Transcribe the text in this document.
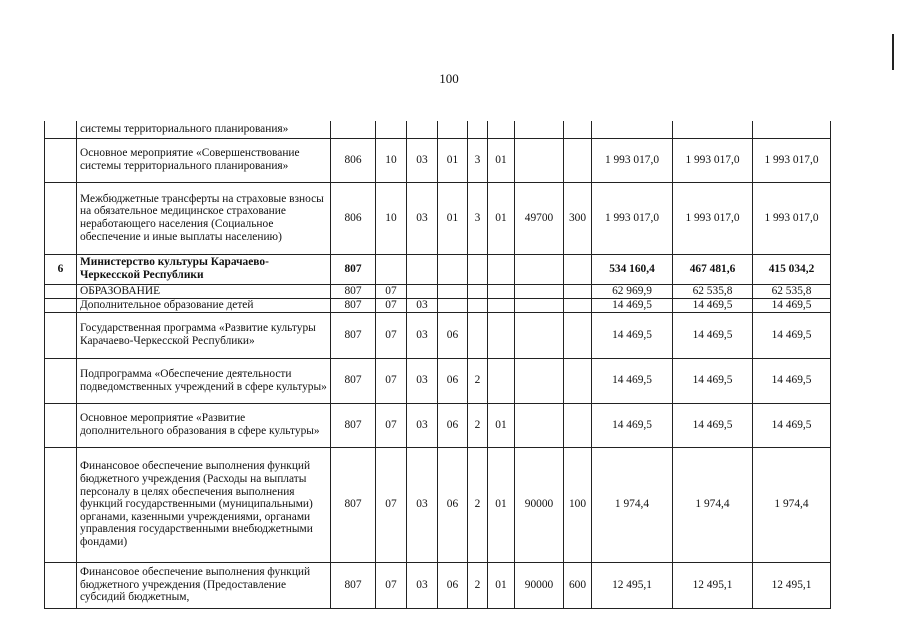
100
	системы территориального планирования»											
	Основное мероприятие «Совершенствование системы территориального планирования»	806	10	03	01	3	01			1 993 017,0	1 993 017,0	1 993 017,0
	Межбюджетные трансферты на страховые взносы на обязательное медицинское страхование неработающего населения (Социальное обеспечение и иные выплаты населению)	806	10	03	01	3	01	49700	300	1 993 017,0	1 993 017,0	1 993 017,0
6	Министерство культуры Карачаево-Черкесской Республики	807								534 160,4	467 481,6	415 034,2
	ОБРАЗОВАНИЕ	807	07							62 969,9	62 535,8	62 535,8
	Дополнительное образование детей	807	07	03						14 469,5	14 469,5	14 469,5
	Государственная программа «Развитие культуры Карачаево-Черкесской Республики»	807	07	03	06					14 469,5	14 469,5	14 469,5
	Подпрограмма «Обеспечение деятельности подведомственных учреждений в сфере культуры»	807	07	03	06	2				14 469,5	14 469,5	14 469,5
	Основное мероприятие «Развитие дополнительного образования в сфере культуры»	807	07	03	06	2	01			14 469,5	14 469,5	14 469,5
	Финансовое обеспечение выполнения функций бюджетного учреждения (Расходы на выплаты персоналу в целях обеспечения выполнения функций государственными (муниципальными) органами, казенными учреждениями, органами управления государственными внебюджетными фондами)	807	07	03	06	2	01	90000	100	1 974,4	1 974,4	1 974,4
	Финансовое обеспечение выполнения функций бюджетного учреждения (Предоставление субсидий бюджетным,	807	07	03	06	2	01	90000	600	12 495,1	12 495,1	12 495,1
